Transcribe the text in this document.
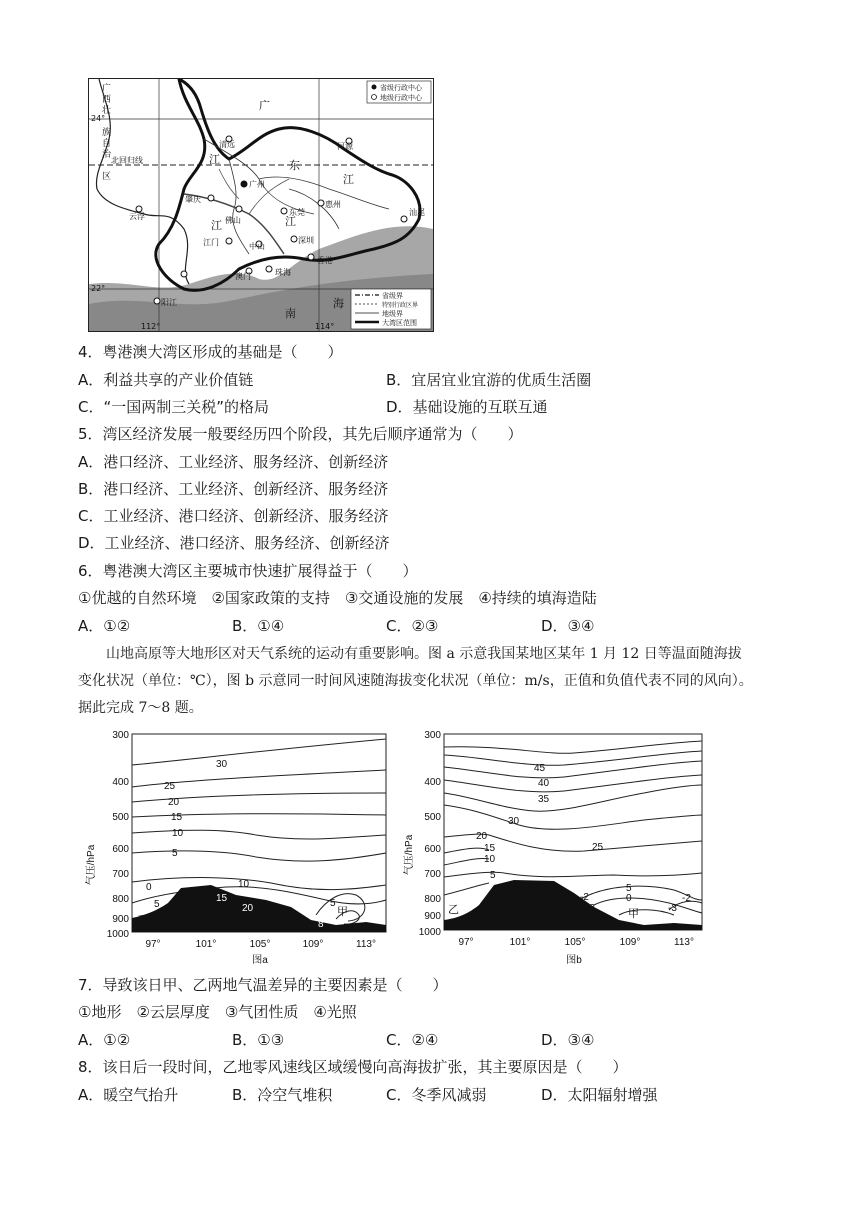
省级行政中心
地级行政中心
省级界
特别行政区界
地级界
大湾区范围
24°
22°
112°	114°
北回归线
广
西
壮
族
自
治
区
清远	河源
肇庆
广州
佛山
东莞
惠州
江门	中山
深圳
珠海
澳门
香港
云浮
阳江
汕尾
广
东
江
江
江	江
南
海
4．粤港澳大湾区形成的基础是（　　）
A．利益共享的产业价值链	B．宜居宜业宜游的优质生活圈
C．“一国两制三关税”的格局	D．基础设施的互联互通
5．湾区经济发展一般要经历四个阶段，其先后顺序通常为（　　）
A．港口经济、工业经济、服务经济、创新经济
B．港口经济、工业经济、创新经济、服务经济
C．工业经济、港口经济、创新经济、服务经济
D．工业经济、港口经济、服务经济、创新经济
6．粤港澳大湾区主要城市快速扩展得益于（　　）
①优越的自然环境　②国家政策的支持　③交通设施的发展　④持续的填海造陆
A．①②	B．①④	C．②③	D．③④

山地高原等大地形区对天气系统的运动有重要影响。图 a 示意我国某地区某年 1 月 12 日等温面随海拔

变化状况（单位：℃），图 b 示意同一时间风速随海拔变化状况（单位：m/s，正值和负值代表不同的风向）。

据此完成 7～8 题。

气压/hPa
300
400
500
600
700
800
900
1000
30
25
20
15
10
5
0
5
10
15
20	5
8
乙
甲
97°	101°	105°	109°	113°
图a
气压/hPa
300
400
500
600
700
800
900
1000
45
40
35
30
25
20
15
10
5
5
0
-2
-3
-2
-3
乙	甲
97°	101°	105°	109°	113°
图b
7．导致该日甲、乙两地气温差异的主要因素是（　　）
①地形　②云层厚度　③气团性质　④光照
A．①②	B．①③	C．②④	D．③④
8．该日后一段时间，乙地零风速线区域缓慢向高海拔扩张，其主要原因是（　　）
A．暖空气抬升	B．冷空气堆积	C．冬季风减弱	D．太阳辐射增强
